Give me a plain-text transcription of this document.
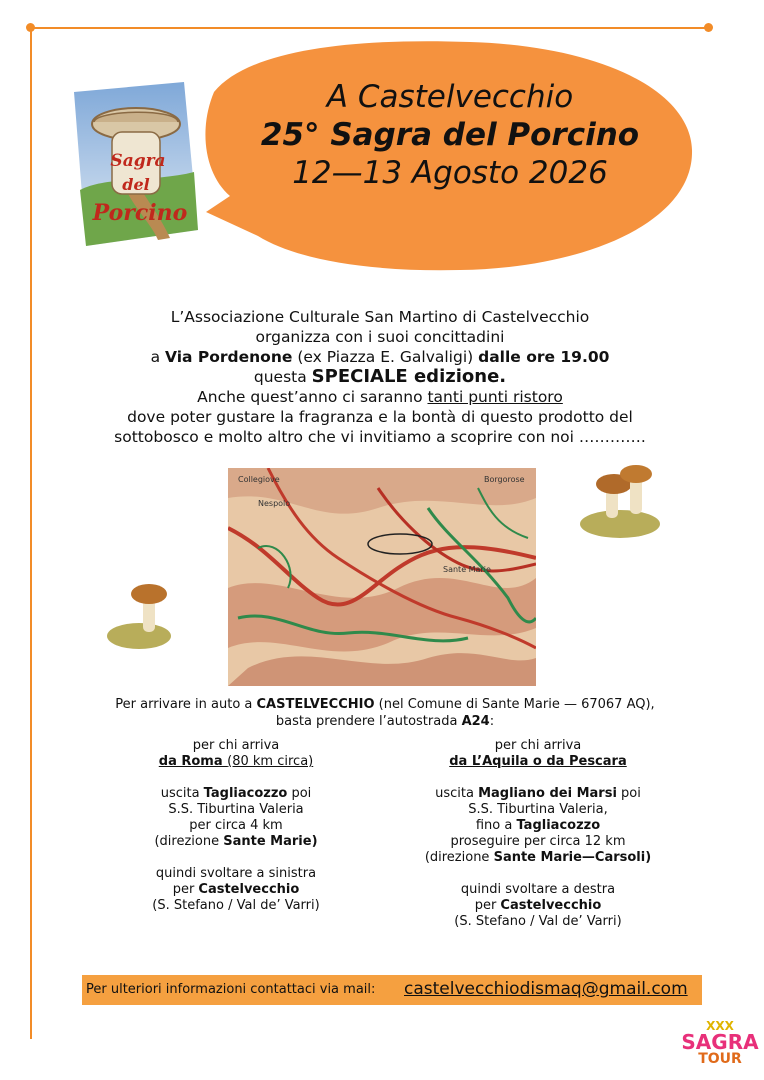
Sagra
del
Porcino
A Castelvecchio
25° Sagra del Porcino
12—13 Agosto 2026
L’Associazione Culturale San Martino di Castelvecchio
organizza con i suoi concittadini
a Via Pordenone (ex Piazza E. Galvaligi) dalle ore 19.00
questa SPECIALE edizione.
Anche quest’anno ci saranno tanti punti ristoro
dove poter gustare la fragranza e la bontà di questo prodotto del
sottobosco e molto altro che vi invitiamo a scoprire con noi ………….
Sante Marie
Borgorose
Nespolo
Collegiove
Per arrivare in auto a CASTELVECCHIO (nel Comune di Sante Marie — 67067 AQ),
basta prendere l’autostrada A24:

per chi arriva
da Roma (80 km circa)

uscita Tagliacozzo poi
S.S. Tiburtina Valeria
per circa 4 km
(direzione Sante Marie)

quindi svoltare a sinistra
per Castelvecchio
(S. Stefano / Val de’ Varri)

per chi arriva
da L’Aquila o da Pescara

uscita Magliano dei Marsi poi
S.S. Tiburtina Valeria,
fino a Tagliacozzo
proseguire per circa 12 km
(direzione Sante Marie—Carsoli)

quindi svoltare a destra
per Castelvecchio
(S. Stefano / Val de’ Varri)

Per ulteriori informazioni contattaci via mail: castelvecchiodismaq@gmail.com
XXX
SAGRA
TOUR
